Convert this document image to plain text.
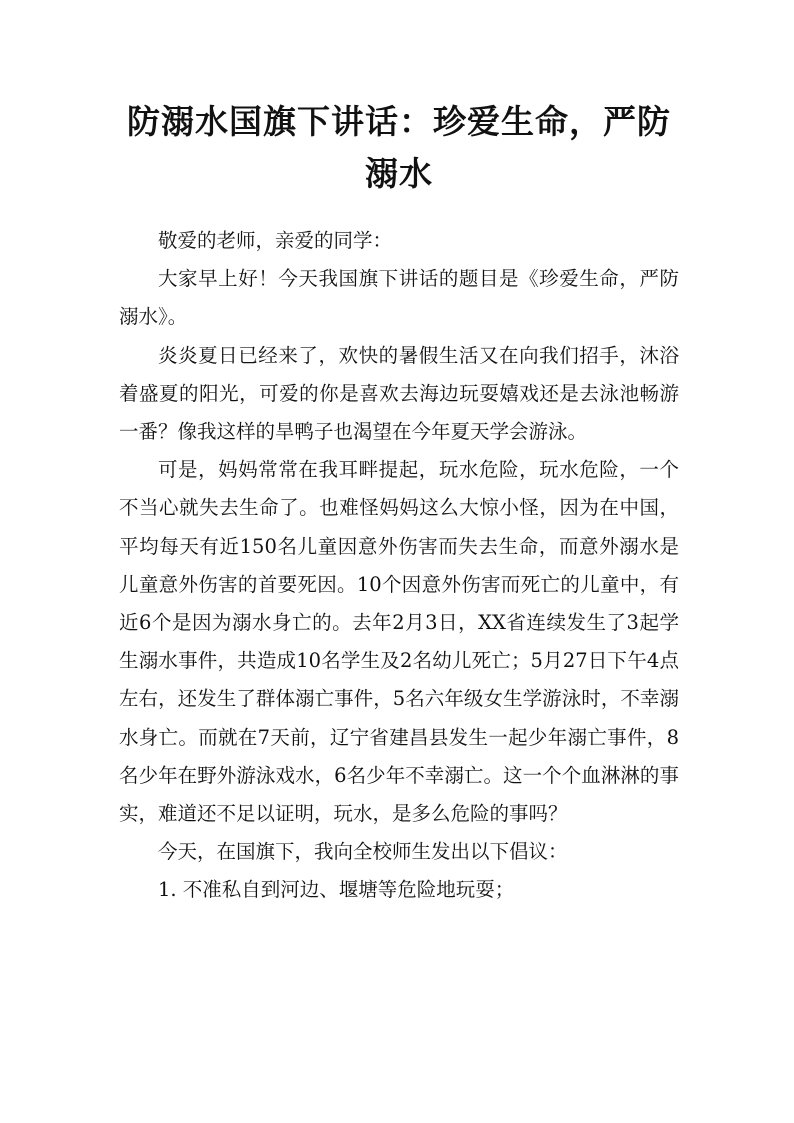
防溺水国旗下讲话：珍爱生命，严防溺水

敬爱的老师，亲爱的同学：

大家早上好！今天我国旗下讲话的题目是《珍爱生命，严防溺水》。

炎炎夏日已经来了，欢快的暑假生活又在向我们招手，沐浴着盛夏的阳光，可爱的你是喜欢去海边玩耍嬉戏还是去泳池畅游一番？像我这样的旱鸭子也渴望在今年夏天学会游泳。

可是，妈妈常常在我耳畔提起，玩水危险，玩水危险，一个不当心就失去生命了。也难怪妈妈这么大惊小怪，因为在中国，平均每天有近150名儿童因意外伤害而失去生命，而意外溺水是儿童意外伤害的首要死因。10个因意外伤害而死亡的儿童中，有近6个是因为溺水身亡的。去年2月3日，XX省连续发生了3起学生溺水事件，共造成10名学生及2名幼儿死亡；5月27日下午4点左右，还发生了群体溺亡事件，5名六年级女生学游泳时，不幸溺水身亡。而就在7天前，辽宁省建昌县发生一起少年溺亡事件，8名少年在野外游泳戏水，6名少年不幸溺亡。这一个个血淋淋的事实，难道还不足以证明，玩水，是多么危险的事吗？

今天，在国旗下，我向全校师生发出以下倡议：

1. 不准私自到河边、堰塘等危险地玩耍；
